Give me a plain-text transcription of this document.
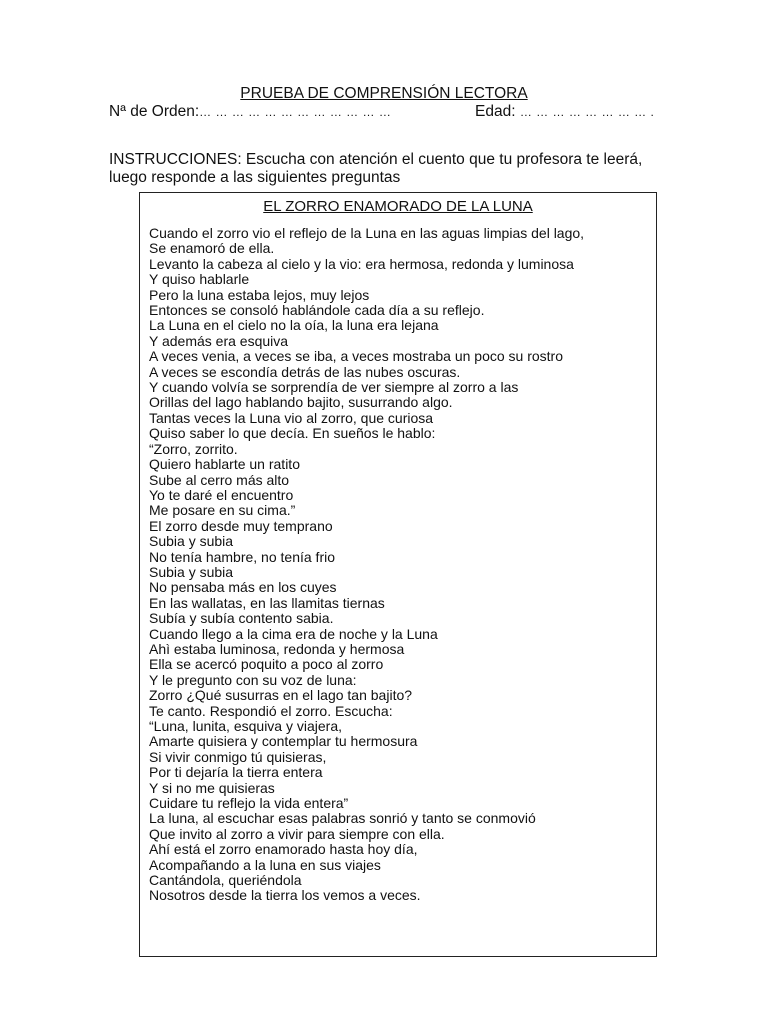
PRUEBA DE COMPRENSIÓN LECTORA
Nª de Orden:… … … … … … … … … … … …	Edad: … … … … … … … … .
INSTRUCCIONES: Escucha con atención el cuento que tu profesora te leerá, luego responde a las siguientes preguntas
EL ZORRO ENAMORADO DE LA LUNA
Cuando el zorro vio el reflejo de la Luna en las aguas limpias del lago,
Se enamoró de ella.
Levanto la cabeza al cielo y la vio: era hermosa, redonda y luminosa
Y quiso hablarle
Pero la luna estaba lejos, muy lejos
Entonces se consoló hablándole cada día a su reflejo.
La Luna en el cielo no la oía, la luna era lejana
Y además era esquiva
A veces venia, a veces se iba, a veces mostraba un poco su rostro
A veces se escondía detrás de las nubes oscuras.
Y cuando volvía se sorprendía de ver siempre al zorro a las
Orillas del lago hablando bajito, susurrando algo.
Tantas veces la Luna vio al zorro, que curiosa
Quiso saber lo que decía. En sueños le hablo:
“Zorro, zorrito.
Quiero hablarte un ratito
Sube al cerro más alto
Yo te daré el encuentro
Me posare en su cima.”
El zorro desde muy temprano
Subia y subia
No tenía hambre, no tenía frio
Subia y subia
No pensaba más en los cuyes
En las wallatas, en las llamitas tiernas
Subía y subía contento sabia.
Cuando llego a la cima era de noche y la Luna
Ahì estaba luminosa, redonda y hermosa
Ella se acercó poquito a poco al zorro
Y le pregunto con su voz de luna:
Zorro ¿Qué susurras en el lago tan bajito?
Te canto. Respondió el zorro. Escucha:
“Luna, lunita, esquiva y viajera,
Amarte quisiera y contemplar tu hermosura
Si vivir conmigo tú quisieras,
Por ti dejaría la tierra entera
Y si no me quisieras
Cuidare tu reflejo la vida entera”
La luna, al escuchar esas palabras sonrió y tanto se conmovió
Que invito al zorro a vivir para siempre con ella.
Ahí está el zorro enamorado hasta hoy día,
Acompañando a la luna en sus viajes
Cantándola, queriéndola
Nosotros desde la tierra los vemos a veces.
